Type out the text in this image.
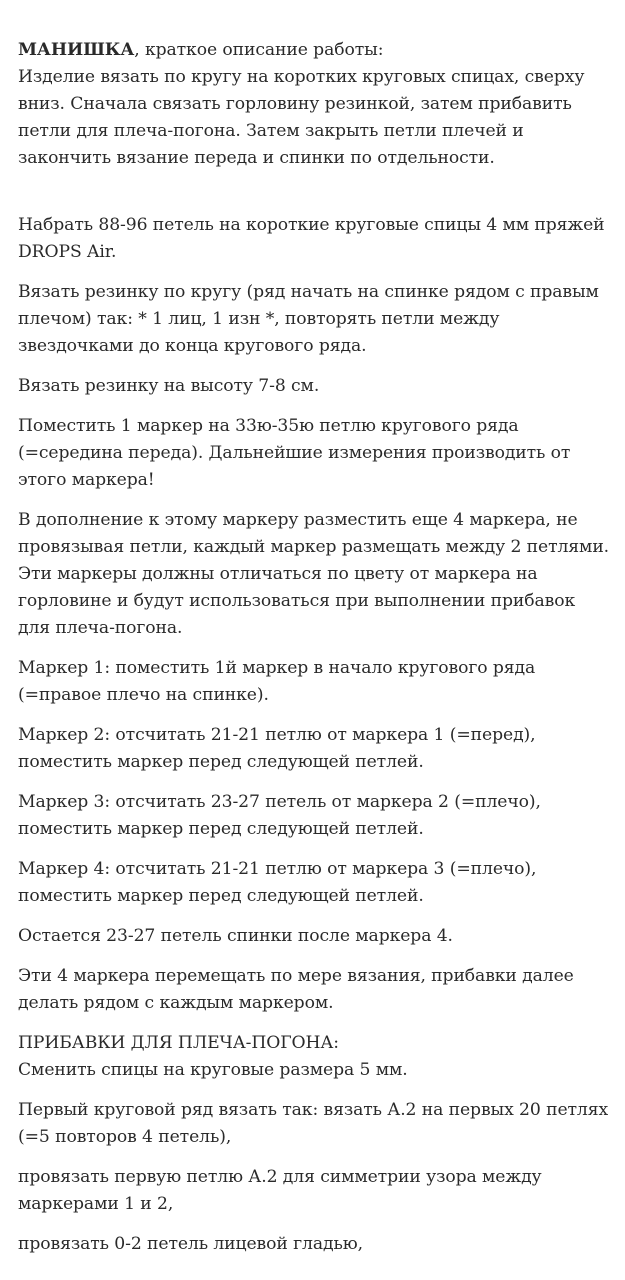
МАНИШКА, краткое описание работы:
Изделие вязать по кругу на коротких круговых спицах, сверху вниз. Сначала связать горловину резинкой, затем прибавить петли для плеча-погона. Затем закрыть петли плечей и закончить вязание переда и спинки по отдельности.

Набрать 88-96 петель на короткие круговые спицы 4 мм пряжей DROPS Air.

Вязать резинку по кругу (ряд начать на спинке рядом с правым плечом) так: * 1 лиц, 1 изн *, повторять петли между звездочками до конца кругового ряда.

Вязать резинку на высоту 7-8 см.

Поместить 1 маркер на 33ю-35ю петлю кругового ряда (=середина переда). Дальнейшие измерения производить от этого маркера!

В дополнение к этому маркеру разместить еще 4 маркера, не провязывая петли, каждый маркер размещать между 2 петлями. Эти маркеры должны отличаться по цвету от маркера на горловине и будут использоваться при выполнении прибавок для плеча-погона.

Маркер 1: поместить 1й маркер в начало кругового ряда (=правое плечо на спинке).

Маркер 2: отсчитать 21-21 петлю от маркера 1 (=перед), поместить маркер перед следующей петлей.

Маркер 3: отсчитать 23-27 петель от маркера 2 (=плечо), поместить маркер перед следующей петлей.

Маркер 4: отсчитать 21-21 петлю от маркера 3 (=плечо), поместить маркер перед следующей петлей.

Остается 23-27 петель спинки после маркера 4.

Эти 4 маркера перемещать по мере вязания, прибавки далее делать рядом с каждым маркером.

ПРИБАВКИ ДЛЯ ПЛЕЧА-ПОГОНА:
Сменить спицы на круговые размера 5 мм.

Первый круговой ряд вязать так: вязать А.2 на первых 20 петлях (=5 повторов 4 петель),

провязать первую петлю А.2 для симметрии узора между маркерами 1 и 2,

провязать 0-2 петель лицевой гладью,
